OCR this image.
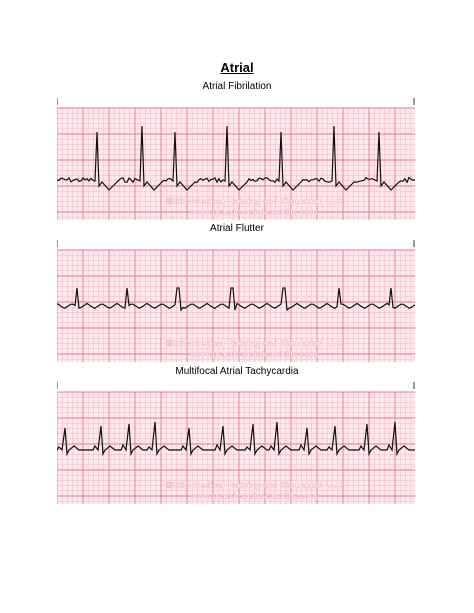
Atrial
Atrial Fibrilation
©2013 Medical Training and Simulation LLC
www.practicalclinicalskills.com
Atrial Flutter
©2013 Medical Training and Simulation LLC
www.practicalclinicalskills.com
Multifocal Atrial Tachycardia
©2013 Medical Training and Simulation LLC
www.practicalclinicalskills.com
